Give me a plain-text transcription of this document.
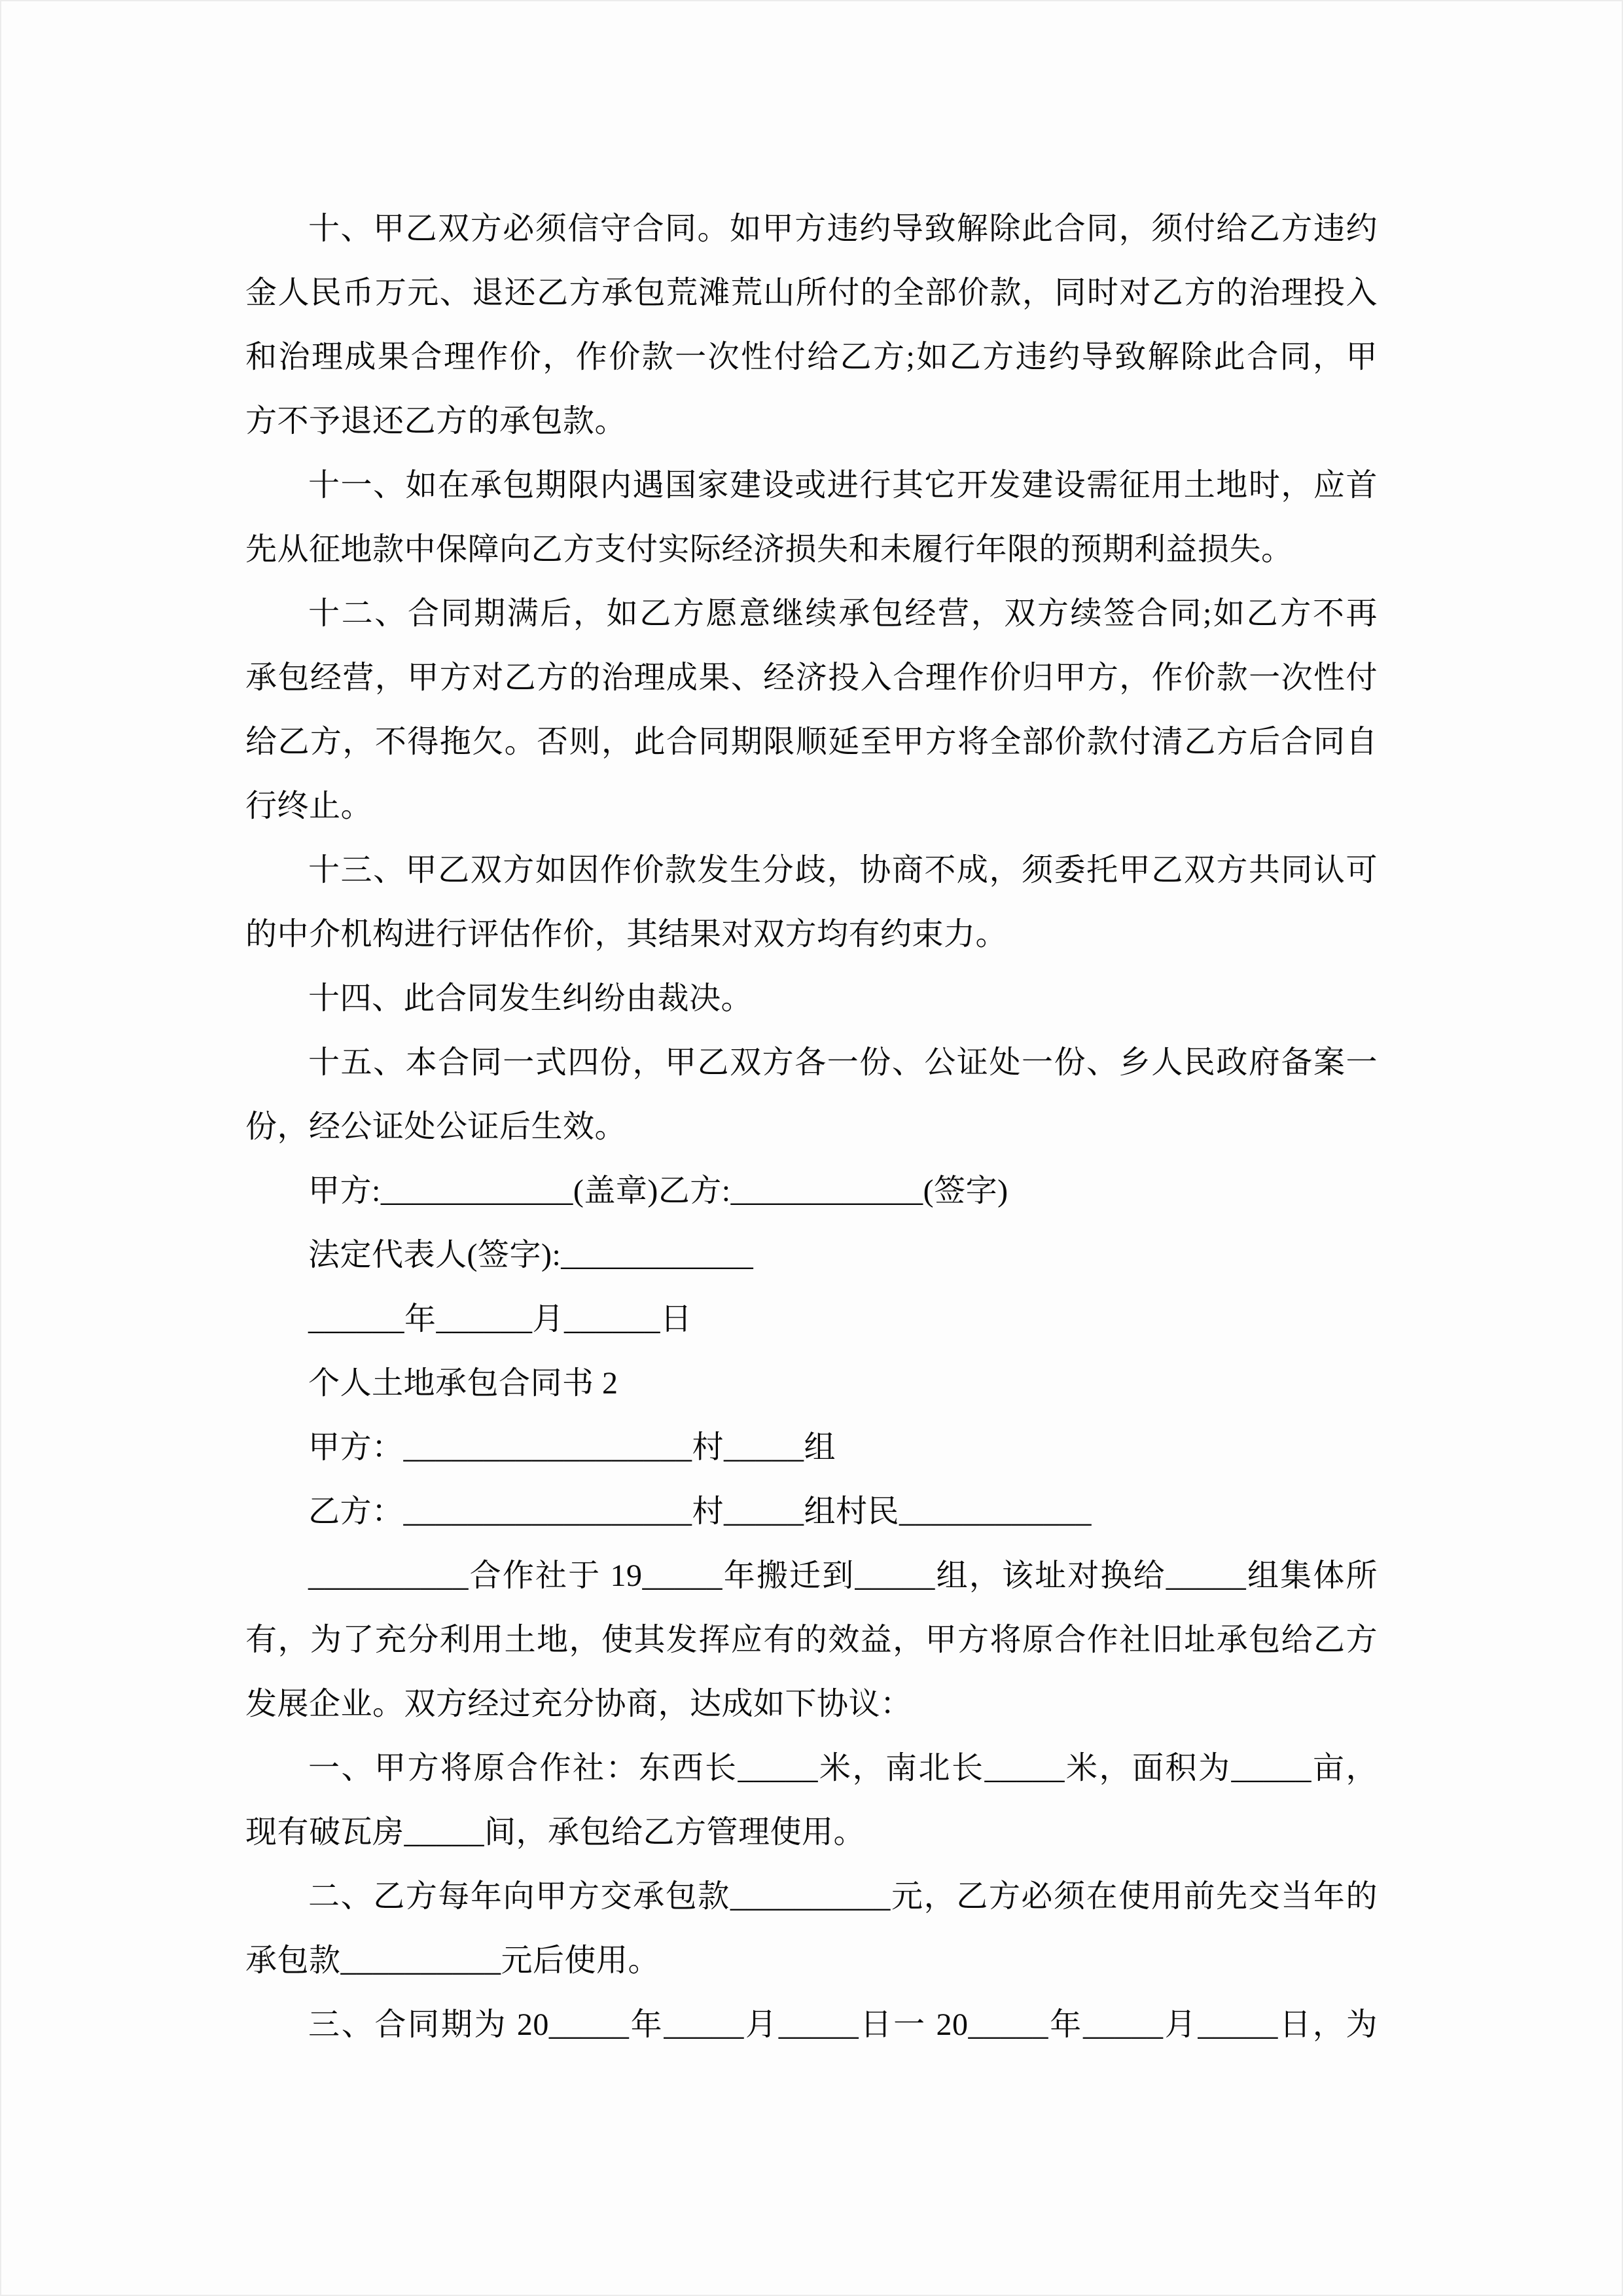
十、甲乙双方必须信守合同。如甲方违约导致解除此合同，须付给乙方违约
金人民币万元、退还乙方承包荒滩荒山所付的全部价款，同时对乙方的治理投入
和治理成果合理作价，作价款一次性付给乙方;如乙方违约导致解除此合同，甲
方不予退还乙方的承包款。
十一、如在承包期限内遇国家建设或进行其它开发建设需征用土地时，应首
先从征地款中保障向乙方支付实际经济损失和未履行年限的预期利益损失。
十二、合同期满后，如乙方愿意继续承包经营，双方续签合同;如乙方不再
承包经营，甲方对乙方的治理成果、经济投入合理作价归甲方，作价款一次性付
给乙方，不得拖欠。否则，此合同期限顺延至甲方将全部价款付清乙方后合同自
行终止。
十三、甲乙双方如因作价款发生分歧，协商不成，须委托甲乙双方共同认可
的中介机构进行评估作价，其结果对双方均有约束力。
十四、此合同发生纠纷由裁决。
十五、本合同一式四份，甲乙双方各一份、公证处一份、乡人民政府备案一
份，经公证处公证后生效。
甲方:____________(盖章)乙方:____________(签字)
法定代表人(签字):____________
______年______月______日
个人土地承包合同书 2
甲方：__________________村_____组
乙方：__________________村_____组村民____________
__________合作社于 19_____年搬迁到_____组，该址对换给_____组集体所
有，为了充分利用土地，使其发挥应有的效益，甲方将原合作社旧址承包给乙方
发展企业。双方经过充分协商，达成如下协议：
一、甲方将原合作社：东西长_____米，南北长_____米，面积为_____亩，
现有破瓦房_____间，承包给乙方管理使用。
二、乙方每年向甲方交承包款__________元，乙方必须在使用前先交当年的
承包款__________元后使用。
三、合同期为 20_____年_____月_____日一 20_____年_____月_____日，为
